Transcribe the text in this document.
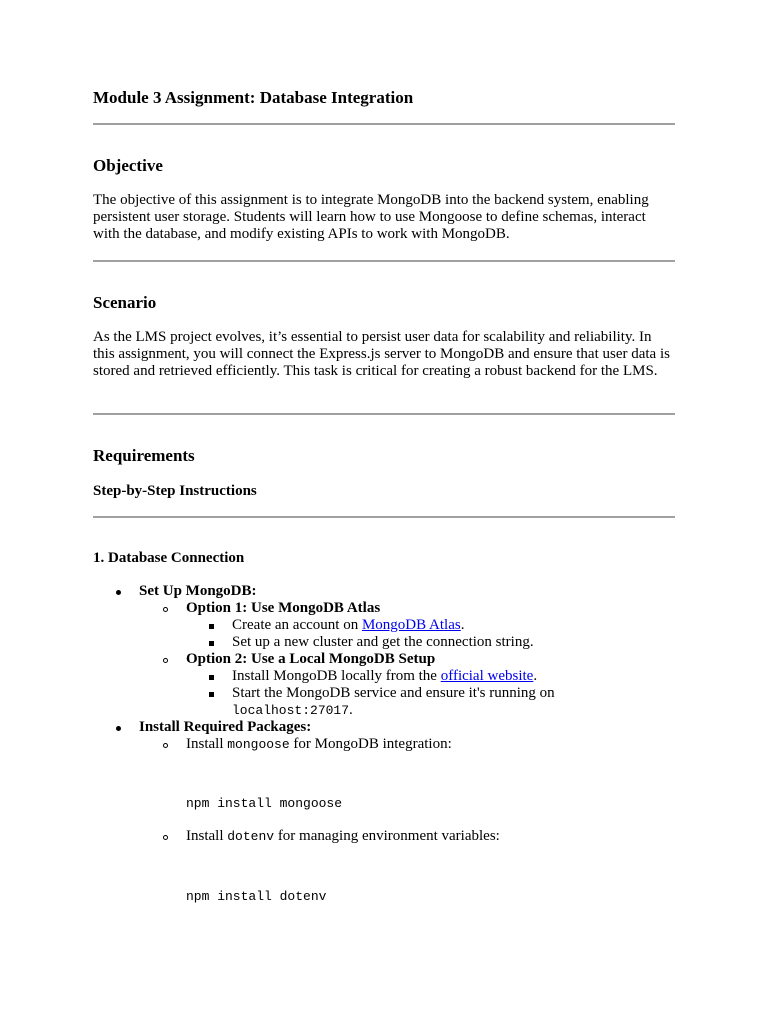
Module 3 Assignment: Database Integration
Objective

The objective of this assignment is to integrate MongoDB into the backend system, enabling persistent user storage. Students will learn how to use Mongoose to define schemas, interact with the database, and modify existing APIs to work with MongoDB.

Scenario

As the LMS project evolves, it’s essential to persist user data for scalability and reliability. In this assignment, you will connect the Express.js server to MongoDB and ensure that user data is stored and retrieved efficiently. This task is critical for creating a robust backend for the LMS.

Requirements
Step-by-Step Instructions
1. Database Connection
Set Up MongoDB:
Option 1: Use MongoDB Atlas
Create an account on MongoDB Atlas.
Set up a new cluster and get the connection string.
Option 2: Use a Local MongoDB Setup
Install MongoDB locally from the official website.
Start the MongoDB service and ensure it's running on
localhost:27017.
Install Required Packages:
Install mongoose for MongoDB integration:
npm install mongoose
Install dotenv for managing environment variables:
npm install dotenv
